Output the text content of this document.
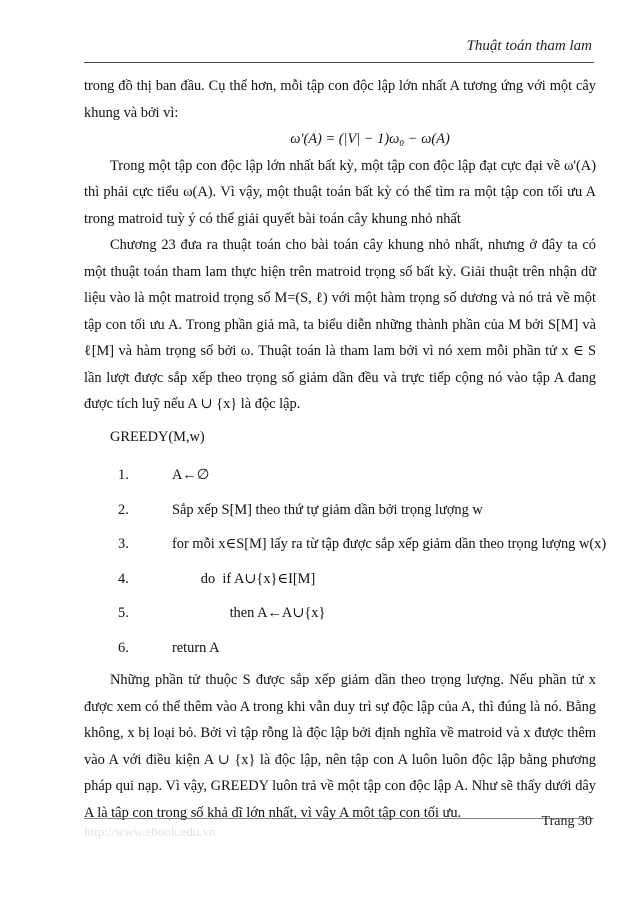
Thuật toán tham lam

trong đồ thị ban đầu. Cụ thể hơn, mỗi tập con độc lập lớn nhất A tương ứng với một cây khung và bởi vì:

ω'(A) = (|V| − 1)ω₀ − ω(A)

Trong một tập con độc lập lớn nhất bất kỳ, một tập con độc lập đạt cực đại về ω'(A) thì phải cực tiểu ω(A). Vì vậy, một thuật toán bất kỳ có thể tìm ra một tập con tối ưu A trong matroid tuỳ ý có thể giải quyết bài toán cây khung nhỏ nhất

Chương 23 đưa ra thuật toán cho bài toán cây khung nhỏ nhất, nhưng ở đây ta có một thuật toán tham lam thực hiện trên matroid trọng số bất kỳ. Giải thuật trên nhận dữ liệu vào là một matroid trọng số M=(S, ℓ) với một hàm trọng số dương và nó trả về một tập con tối ưu A. Trong phần giả mã, ta biểu diễn những thành phần của M bởi S[M] và ℓ[M] và hàm trọng số bởi ω. Thuật toán là tham lam bởi vì nó xem mỗi phần tử x ∈ S lần lượt được sắp xếp theo trọng số giảm dần đều và trực tiếp cộng nó vào tập A đang được tích luỹ nếu A ∪ {x} là độc lập.

GREEDY(M,w)

1.	A←∅
2.	Sắp xếp S[M] theo thứ tự giảm dần bởi trọng lượng w
3.	for mỗi x∈S[M] lấy ra từ tập được sắp xếp giảm dần theo trọng lượng w(x)
4.	do  if A∪{x}∈I[M]
5.	then A←A∪{x}
6.	return A

Những phần tử thuộc S được sắp xếp giảm dần theo trọng lượng. Nếu phần tử x được xem có thể thêm vào A trong khi vẫn duy trì sự độc lập của A, thì đúng là nó. Bằng không, x bị loại bỏ. Bởi vì tập rỗng là độc lập bởi định nghĩa về matroid và x được thêm vào A với điều kiện A ∪ {x} là độc lập, nên tập con A luôn luôn độc lập bằng phương pháp qui nạp. Vì vậy, GREEDY luôn trả về một tập con độc lập A. Như sẽ thấy dưới dây A là tập con trọng số khả dĩ lớn nhất, vì vậy A một tập con tối ưu.

http://www.ebook.edu.vn
Trang 30
